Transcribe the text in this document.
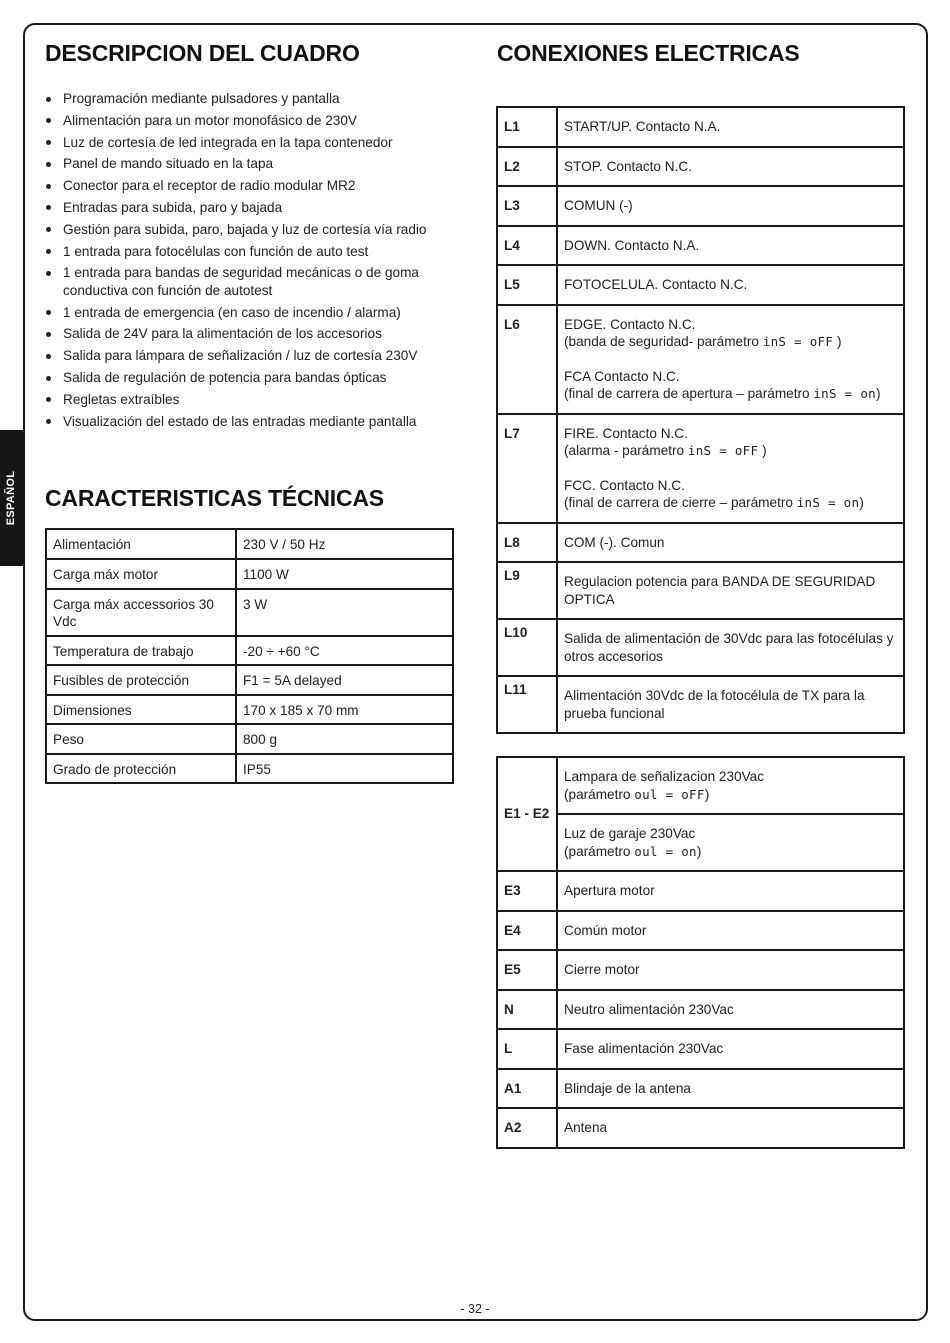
ESPAÑOL
DESCRIPCION DEL CUADRO
Programación mediante pulsadores y pantalla
Alimentación para un motor monofásico de 230V
Luz de cortesía de led integrada en la tapa contenedor
Panel de mando situado en la tapa
Conector para el receptor de radio modular MR2
Entradas para subida, paro y bajada
Gestión para subida, paro, bajada y luz de cortesía vía radio
1 entrada para fotocélulas con función de auto test
1 entrada para bandas de seguridad mecánicas o de goma conductiva con función de autotest
1 entrada de emergencia (en caso de incendio / alarma)
Salida de 24V para la alimentación de los accesorios
Salida para lámpara de señalización / luz de cortesía 230V
Salida de regulación de potencia para bandas ópticas
Regletas extraíbles
Visualización del estado de las entradas mediante pantalla
CARACTERISTICAS TÉCNICAS
Alimentación	230 V / 50 Hz
Carga máx motor	1100 W
Carga máx accessorios 30 Vdc	3 W
Temperatura de trabajo	-20 ÷ +60 °C
Fusibles de protección	F1 = 5A delayed
Dimensiones	170 x 185 x 70 mm
Peso	800 g
Grado de protección	IP55
CONEXIONES ELECTRICAS
L1	START/UP. Contacto N.A.
L2	STOP. Contacto N.C.
L3	COMUN (-)
L4	DOWN. Contacto N.A.
L5	FOTOCELULA. Contacto N.C.
L6	EDGE. Contacto N.C.
(banda de seguridad- parámetro inS = oFF )
FCA Contacto N.C.
(final de carrera de apertura – parámetro inS = on)

L7	FIRE. Contacto N.C.
(alarma - parámetro inS = oFF )
FCC. Contacto N.C.
(final de carrera de cierre – parámetro inS = on)

L8	COM (-). Comun
L9	Regulacion potencia para BANDA DE SEGURIDAD OPTICA
L10	Salida de alimentación de 30Vdc para las fotocélulas y otros accesorios
L11	Alimentación 30Vdc de la fotocélula de TX para la prueba funcional
E1 - E2	Lampara de señalizacion 230Vac
(parámetro oul = oFF)

	Luz de garaje 230Vac
(parámetro oul = on)

E3	Apertura motor
E4	Común motor
E5	Cierre motor
N	Neutro alimentación 230Vac
L	Fase alimentación 230Vac
A1	Blindaje de la antena
A2	Antena
- 32 -
